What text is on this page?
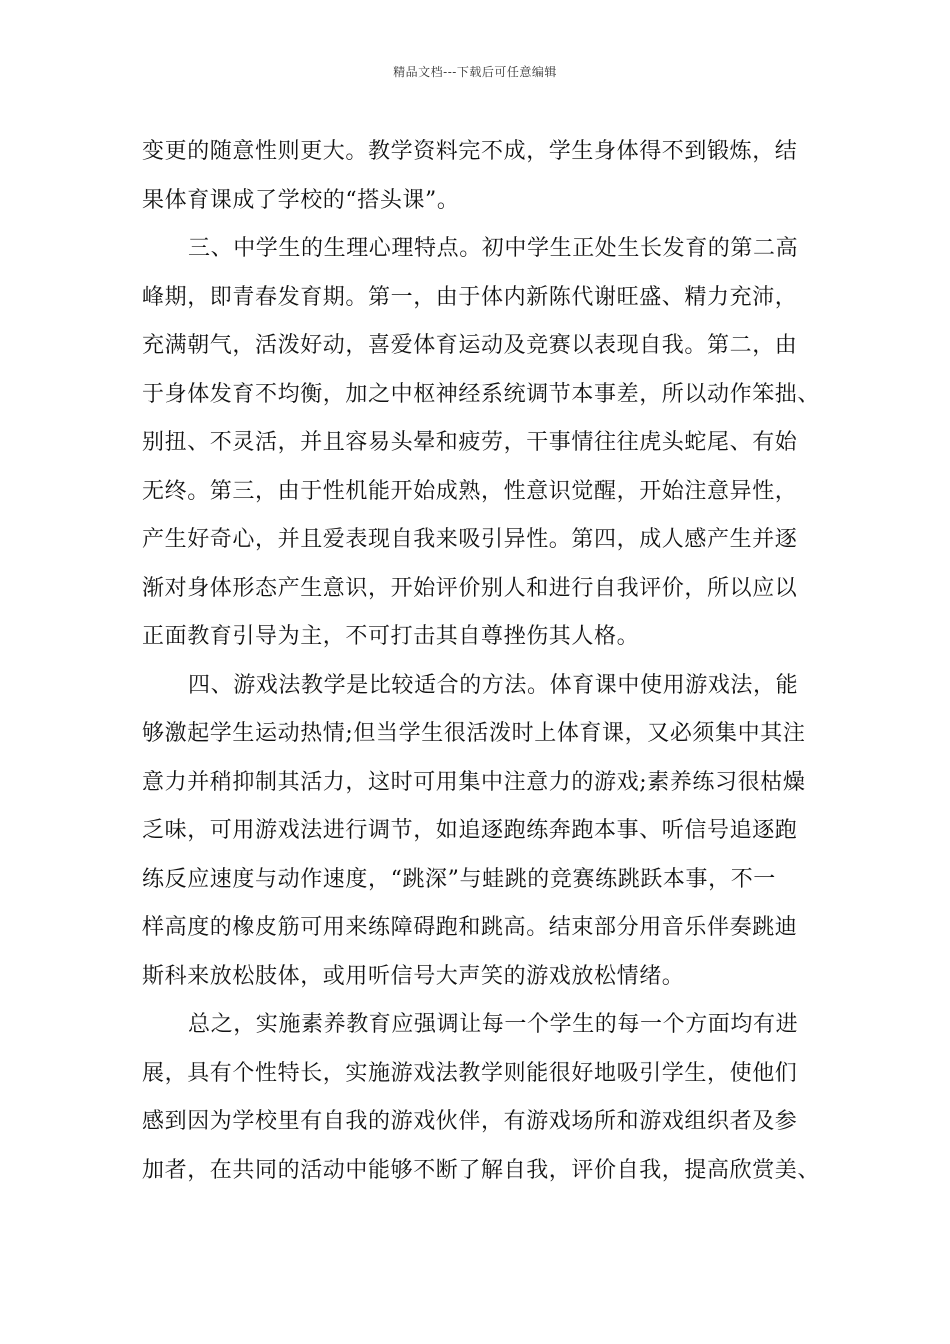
精品文档---下载后可任意编辑

变更的随意性则更大。教学资料完不成，学生身体得不到锻炼，结
果体育课成了学校的“搭头课”。

三、中学生的生理心理特点。初中学生正处生长发育的第二高
峰期，即青春发育期。第一，由于体内新陈代谢旺盛、精力充沛，
充满朝气，活泼好动，喜爱体育运动及竞赛以表现自我。第二，由
于身体发育不均衡，加之中枢神经系统调节本事差，所以动作笨拙、
别扭、不灵活，并且容易头晕和疲劳，干事情往往虎头蛇尾、有始
无终。第三，由于性机能开始成熟，性意识觉醒，开始注意异性，
产生好奇心，并且爱表现自我来吸引异性。第四，成人感产生并逐
渐对身体形态产生意识，开始评价别人和进行自我评价，所以应以
正面教育引导为主，不可打击其自尊挫伤其人格。

四、游戏法教学是比较适合的方法。体育课中使用游戏法，能
够激起学生运动热情;但当学生很活泼时上体育课，又必须集中其注
意力并稍抑制其活力，这时可用集中注意力的游戏;素养练习很枯燥
乏味，可用游戏法进行调节，如追逐跑练奔跑本事、听信号追逐跑
练反应速度与动作速度，“跳深”与蛙跳的竞赛练跳跃本事，不一
样高度的橡皮筋可用来练障碍跑和跳高。结束部分用音乐伴奏跳迪
斯科来放松肢体，或用听信号大声笑的游戏放松情绪。

总之，实施素养教育应强调让每一个学生的每一个方面均有进
展，具有个性特长，实施游戏法教学则能很好地吸引学生，使他们
感到因为学校里有自我的游戏伙伴，有游戏场所和游戏组织者及参
加者，在共同的活动中能够不断了解自我，评价自我，提高欣赏美、
